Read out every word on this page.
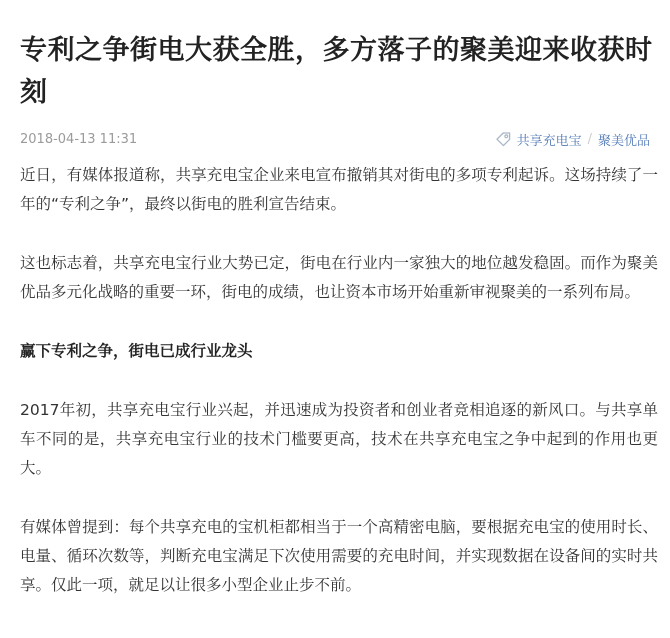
专利之争街电大获全胜，多方落子的聚美迎来收获时刻
2018-04-13 11:31	共享充电宝 / 聚美优品

近日，有媒体报道称，共享充电宝企业来电宣布撤销其对街电的多项专利起诉。这场持续了一年的“专利之争”，最终以街电的胜利宣告结束。

这也标志着，共享充电宝行业大势已定，街电在行业内一家独大的地位越发稳固。而作为聚美优品多元化战略的重要一环，街电的成绩，也让资本市场开始重新审视聚美的一系列布局。

赢下专利之争，街电已成行业龙头

2017年初，共享充电宝行业兴起，并迅速成为投资者和创业者竞相追逐的新风口。与共享单车不同的是，共享充电宝行业的技术门槛要更高，技术在共享充电宝之争中起到的作用也更大。

有媒体曾提到：每个共享充电的宝机柜都相当于一个高精密电脑，要根据充电宝的使用时长、电量、循环次数等，判断充电宝满足下次使用需要的充电时间，并实现数据在设备间的实时共享。仅此一项，就足以让很多小型企业止步不前。
